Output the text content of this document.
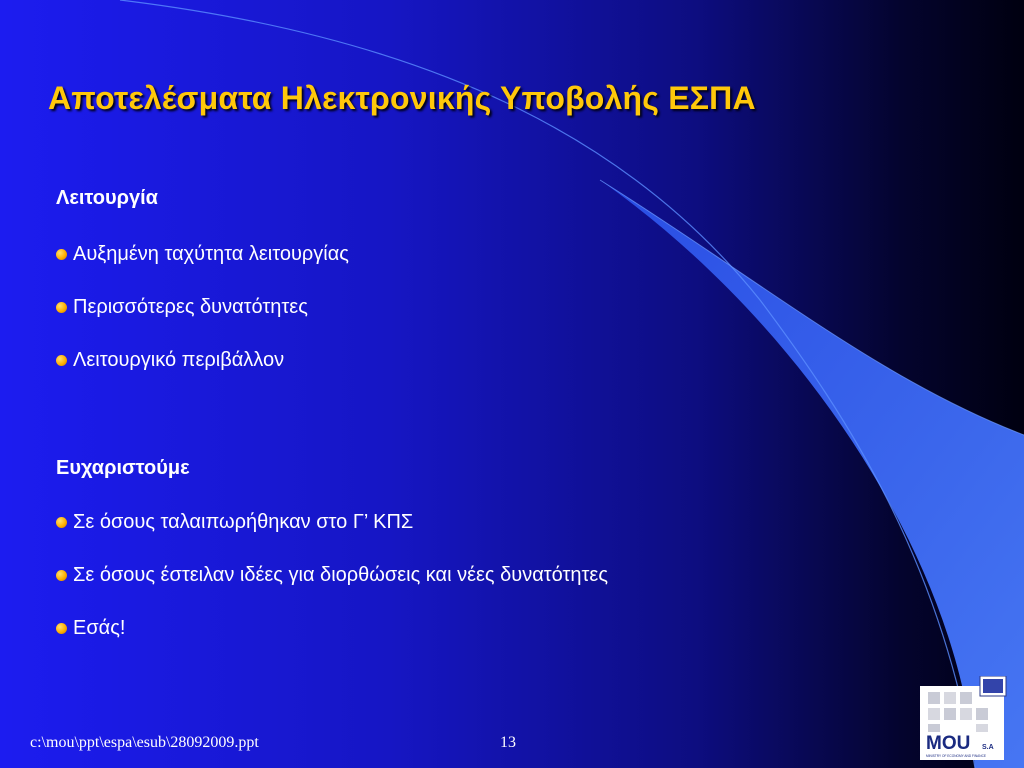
Αποτελέσματα Ηλεκτρονικής Υποβολής ΕΣΠΑ
Λειτουργία
Αυξημένη ταχύτητα λειτουργίας
Περισσότερες δυνατότητες
Λειτουργικό περιβάλλον
Ευχαριστούμε
Σε όσους ταλαιπωρήθηκαν στο Γ’ ΚΠΣ
Σε όσους έστειλαν ιδέες για διορθώσεις και νέες δυνατότητες
Εσάς!
c:\mou\ppt\espa\esub\28092009.ppt	13	MOU S.A
MINISTRY OF ECONOMY AND FINANCE
